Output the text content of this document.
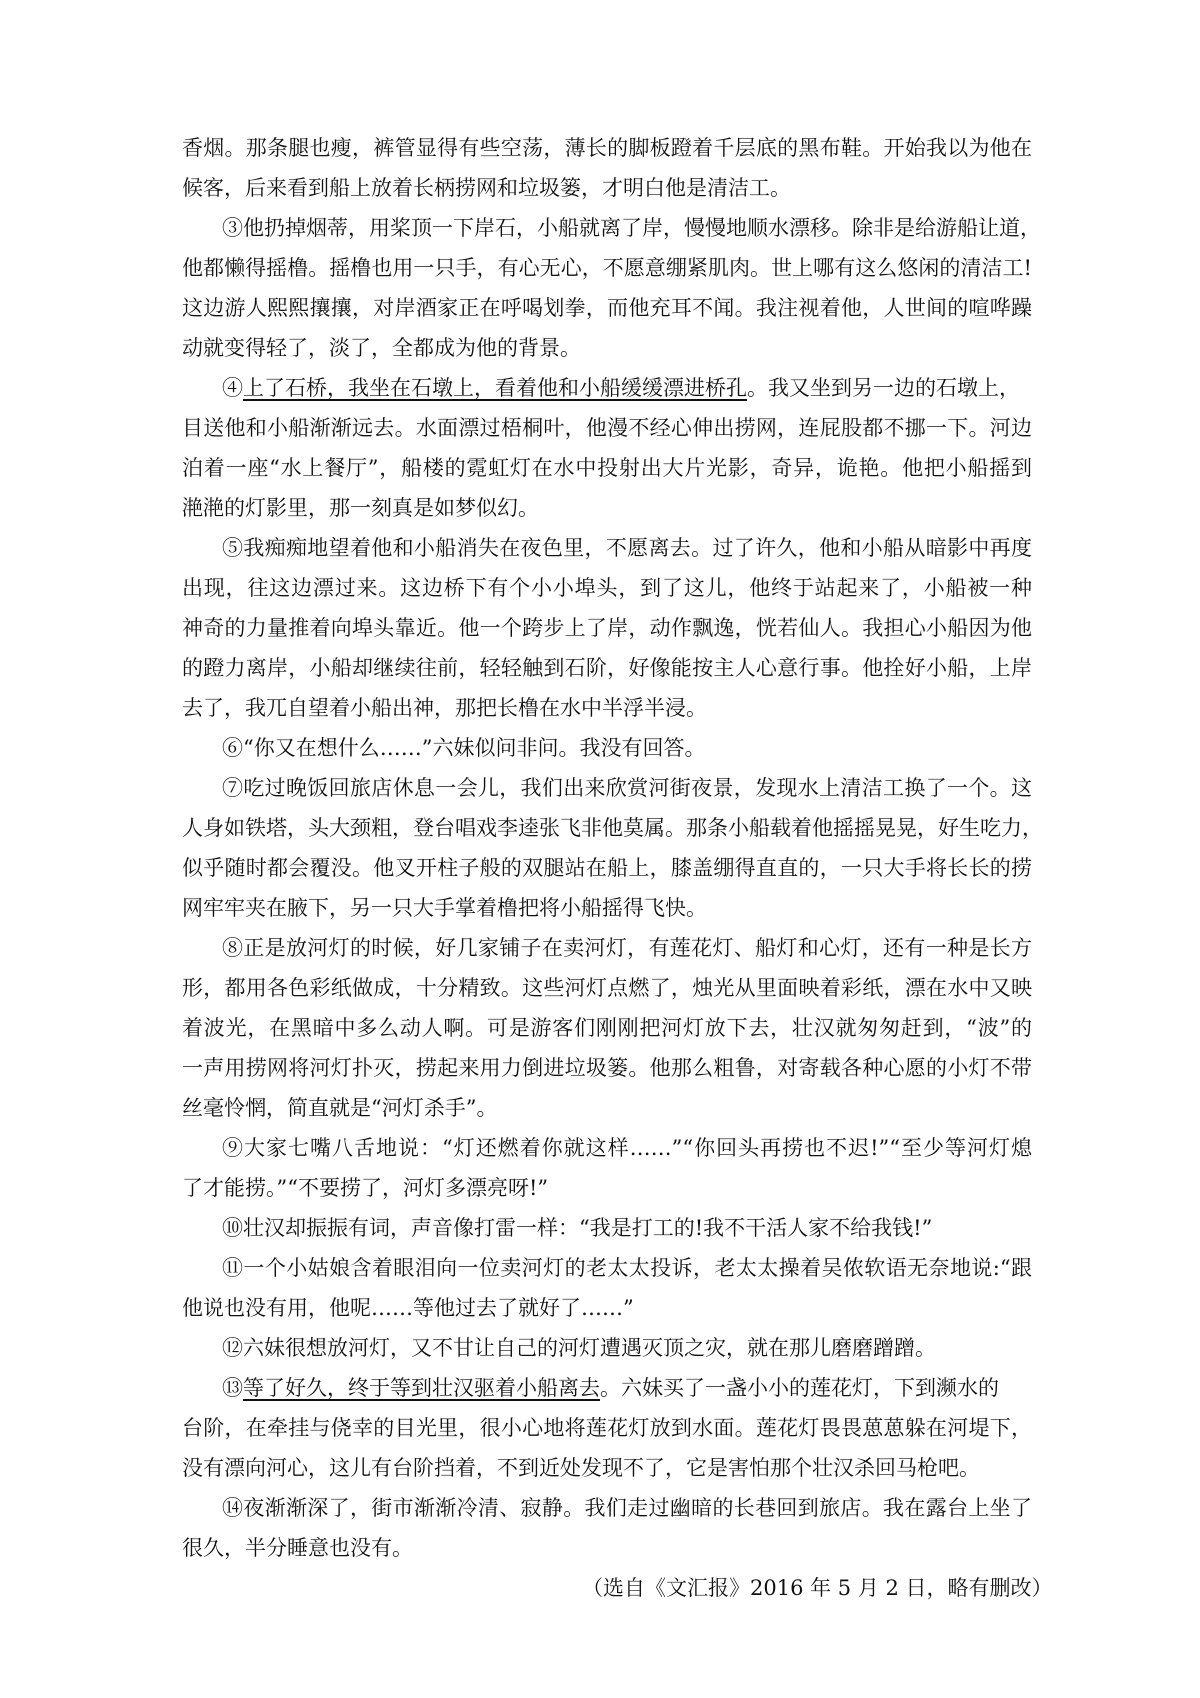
香烟。那条腿也瘦，裤管显得有些空荡，薄长的脚板蹬着千层底的黑布鞋。开始我以为他在
候客，后来看到船上放着长柄捞网和垃圾篓，才明白他是清洁工。
③他扔掉烟蒂，用桨顶一下岸石，小船就离了岸，慢慢地顺水漂移。除非是给游船让道，
他都懒得摇橹。摇橹也用一只手，有心无心，不愿意绷紧肌肉。世上哪有这么悠闲的清洁工!
这边游人熙熙攘攘，对岸酒家正在呼喝划拳，而他充耳不闻。我注视着他，人世间的喧哗躁
动就变得轻了，淡了，全都成为他的背景。
④上了石桥，我坐在石墩上，看着他和小船缓缓漂进桥孔。我又坐到另一边的石墩上，
目送他和小船渐渐远去。水面漂过梧桐叶，他漫不经心伸出捞网，连屁股都不挪一下。河边
泊着一座“水上餐厅”，船楼的霓虹灯在水中投射出大片光影，奇异，诡艳。他把小船摇到
滟滟的灯影里，那一刻真是如梦似幻。
⑤我痴痴地望着他和小船消失在夜色里，不愿离去。过了许久，他和小船从暗影中再度
出现，往这边漂过来。这边桥下有个小小埠头，到了这儿，他终于站起来了，小船被一种
神奇的力量推着向埠头靠近。他一个跨步上了岸，动作飘逸，恍若仙人。我担心小船因为他
的蹬力离岸，小船却继续往前，轻轻触到石阶，好像能按主人心意行事。他拴好小船，上岸
去了，我兀自望着小船出神，那把长橹在水中半浮半浸。
⑥“你又在想什么……”六妹似问非问。我没有回答。
⑦吃过晚饭回旅店休息一会儿，我们出来欣赏河街夜景，发现水上清洁工换了一个。这
人身如铁塔，头大颈粗，登台唱戏李逵张飞非他莫属。那条小船载着他摇摇晃晃，好生吃力，
似乎随时都会覆没。他叉开柱子般的双腿站在船上，膝盖绷得直直的，一只大手将长长的捞
网牢牢夹在腋下，另一只大手掌着橹把将小船摇得飞快。
⑧正是放河灯的时候，好几家铺子在卖河灯，有莲花灯、船灯和心灯，还有一种是长方
形，都用各色彩纸做成，十分精致。这些河灯点燃了，烛光从里面映着彩纸，漂在水中又映
着波光，在黑暗中多么动人啊。可是游客们刚刚把河灯放下去，壮汉就匆匆赶到，“波”的
一声用捞网将河灯扑灭，捞起来用力倒进垃圾篓。他那么粗鲁，对寄载各种心愿的小灯不带
丝毫怜惘，简直就是“河灯杀手”。
⑨大家七嘴八舌地说：“灯还燃着你就这样……”“你回头再捞也不迟!”“至少等河灯熄
了才能捞。”“不要捞了，河灯多漂亮呀!”
⑩壮汉却振振有词，声音像打雷一样：“我是打工的!我不干活人家不给我钱!”
⑪一个小姑娘含着眼泪向一位卖河灯的老太太投诉，老太太操着吴侬软语无奈地说:“跟
他说也没有用，他呢……等他过去了就好了……”
⑫六妹很想放河灯，又不甘让自己的河灯遭遇灭顶之灾，就在那儿磨磨蹭蹭。
⑬等了好久，终于等到壮汉驱着小船离去。六妹买了一盏小小的莲花灯，下到濒水的
台阶，在牵挂与侥幸的目光里，很小心地将莲花灯放到水面。莲花灯畏畏葸葸躲在河堤下，
没有漂向河心，这儿有台阶挡着，不到近处发现不了，它是害怕那个壮汉杀回马枪吧。
⑭夜渐渐深了，街市渐渐冷清、寂静。我们走过幽暗的长巷回到旅店。我在露台上坐了
很久，半分睡意也没有。
（选自《文汇报》2016 年 5 月 2 日，略有删改）
